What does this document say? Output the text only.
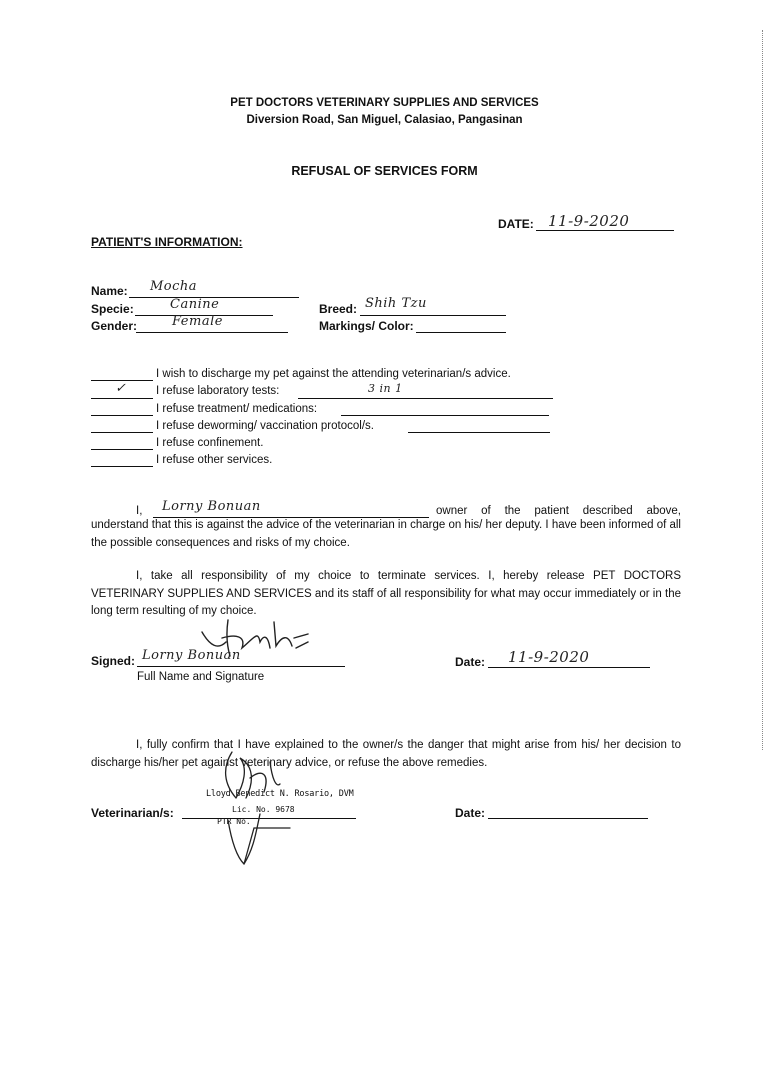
PET DOCTORS VETERINARY SUPPLIES AND SERVICES
Diversion Road, San Miguel, Calasiao, Pangasinan
REFUSAL OF SERVICES FORM
DATE: 11-9-2020
PATIENT'S INFORMATION:
Name: Mocha
Specie:	Canine
Gender:	Female
Breed: Shih Tzu
Markings/ Color:
I wish to discharge my pet against the attending veterinarian/s advice.
✓	I refuse laboratory tests:	3 in 1
I refuse treatment/ medications:
I refuse deworming/ vaccination protocol/s.
I refuse confinement.
I refuse other services.
I, Lorny Bonuan	owner of the patient described above,

understand that this is against the advice of the veterinarian in charge on his/ her deputy. I have been informed of all the possible consequences and risks of my choice.

I, take all responsibility of my choice to terminate services. I, hereby release PET DOCTORS VETERINARY SUPPLIES AND SERVICES and its staff of all responsibility for what may occur immediately or in the long term resulting of my choice.

Signed: Lorny Bonuan
Full Name and Signature
Date: 11-9-2020

I, fully confirm that I have explained to the owner/s the danger that might arise from his/ her decision to discharge his/her pet against veterinary advice, or refuse the above remedies.

Veterinarian/s:	Date:
Lloyd Benedict N. Rosario, DVM
Lic. No. 9678
PTR No.
